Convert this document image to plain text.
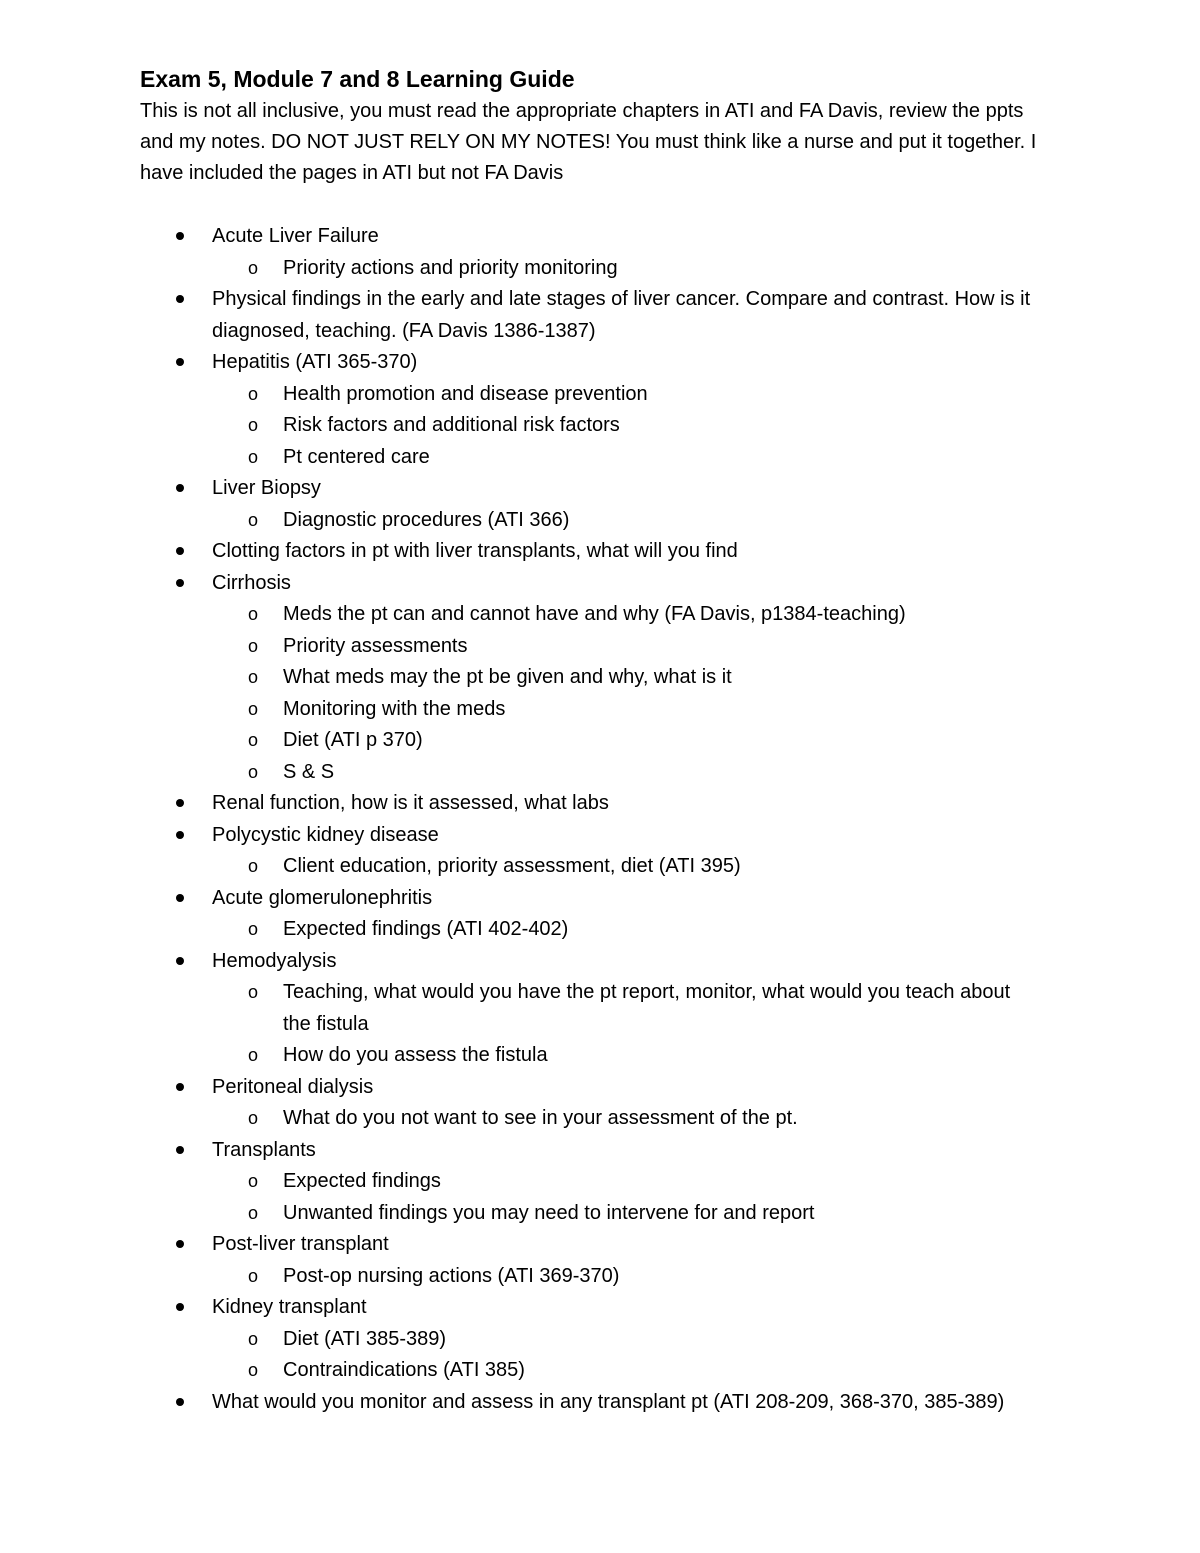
Exam 5, Module 7 and 8 Learning Guide

This is not all inclusive, you must read the appropriate chapters in ATI and FA Davis, review the ppts and my notes. DO NOT JUST RELY ON MY NOTES! You must think like a nurse and put it together. I have included the pages in ATI but not FA Davis

Acute Liver Failure
o Priority actions and priority monitoring
Physical findings in the early and late stages of liver cancer. Compare and contrast. How is it diagnosed, teaching. (FA Davis 1386-1387)
Hepatitis (ATI 365-370)
o Health promotion and disease prevention
o Risk factors and additional risk factors
o Pt centered care
Liver Biopsy
o Diagnostic procedures (ATI 366)
Clotting factors in pt with liver transplants, what will you find
Cirrhosis
o Meds the pt can and cannot have and why (FA Davis, p1384-teaching)
o Priority assessments
o What meds may the pt be given and why, what is it
o Monitoring with the meds
o Diet (ATI p 370)
o S & S
Renal function, how is it assessed, what labs
Polycystic kidney disease
o Client education, priority assessment, diet (ATI 395)
Acute glomerulonephritis
o Expected findings (ATI 402-402)
Hemodyalysis
o Teaching, what would you have the pt report, monitor, what would you teach about the fistula
o How do you assess the fistula
Peritoneal dialysis
o What do you not want to see in your assessment of the pt.
Transplants
o Expected findings
o Unwanted findings you may need to intervene for and report
Post-liver transplant
o Post-op nursing actions (ATI 369-370)
Kidney transplant
o Diet (ATI 385-389)
o Contraindications (ATI 385)
What would you monitor and assess in any transplant pt (ATI 208-209, 368-370, 385-389)
